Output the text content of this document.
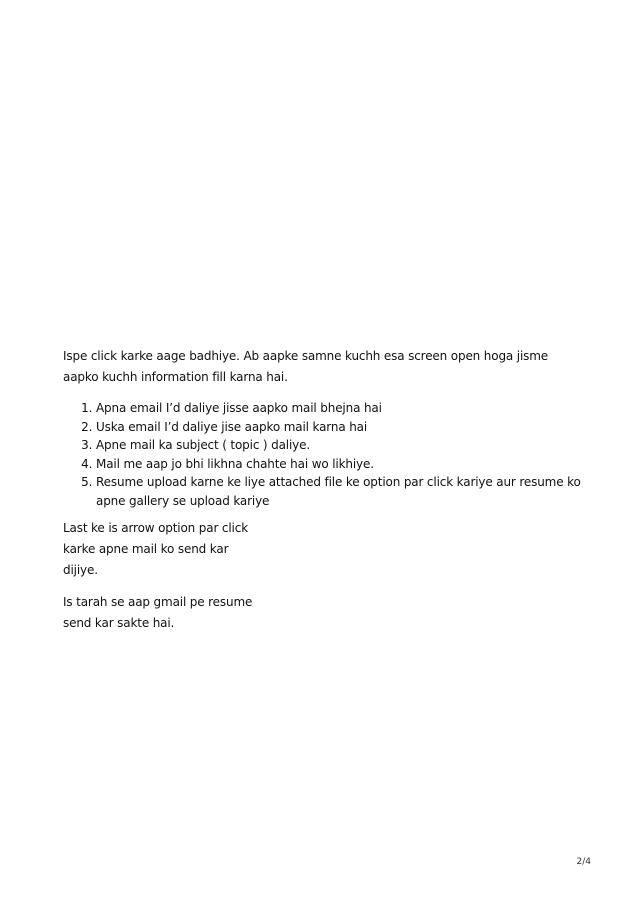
Ispe click karke aage badhiye. Ab aapke samne kuchh esa screen open hoga jisme aapko kuchh information fill karna hai.

1. Apna email I’d daliye jisse aapko mail bhejna hai
2. Uska email I’d daliye jise aapko mail karna hai
3. Apne mail ka subject ( topic ) daliye.
4. Mail me aap jo bhi likhna chahte hai wo likhiye.
5. Resume upload karne ke liye attached file ke option par click kariye aur resume ko apne gallery se upload kariye

Last ke is arrow option par click karke apne mail ko send kar dijiye.

Is tarah se aap gmail pe resume send kar sakte hai.

2/4
